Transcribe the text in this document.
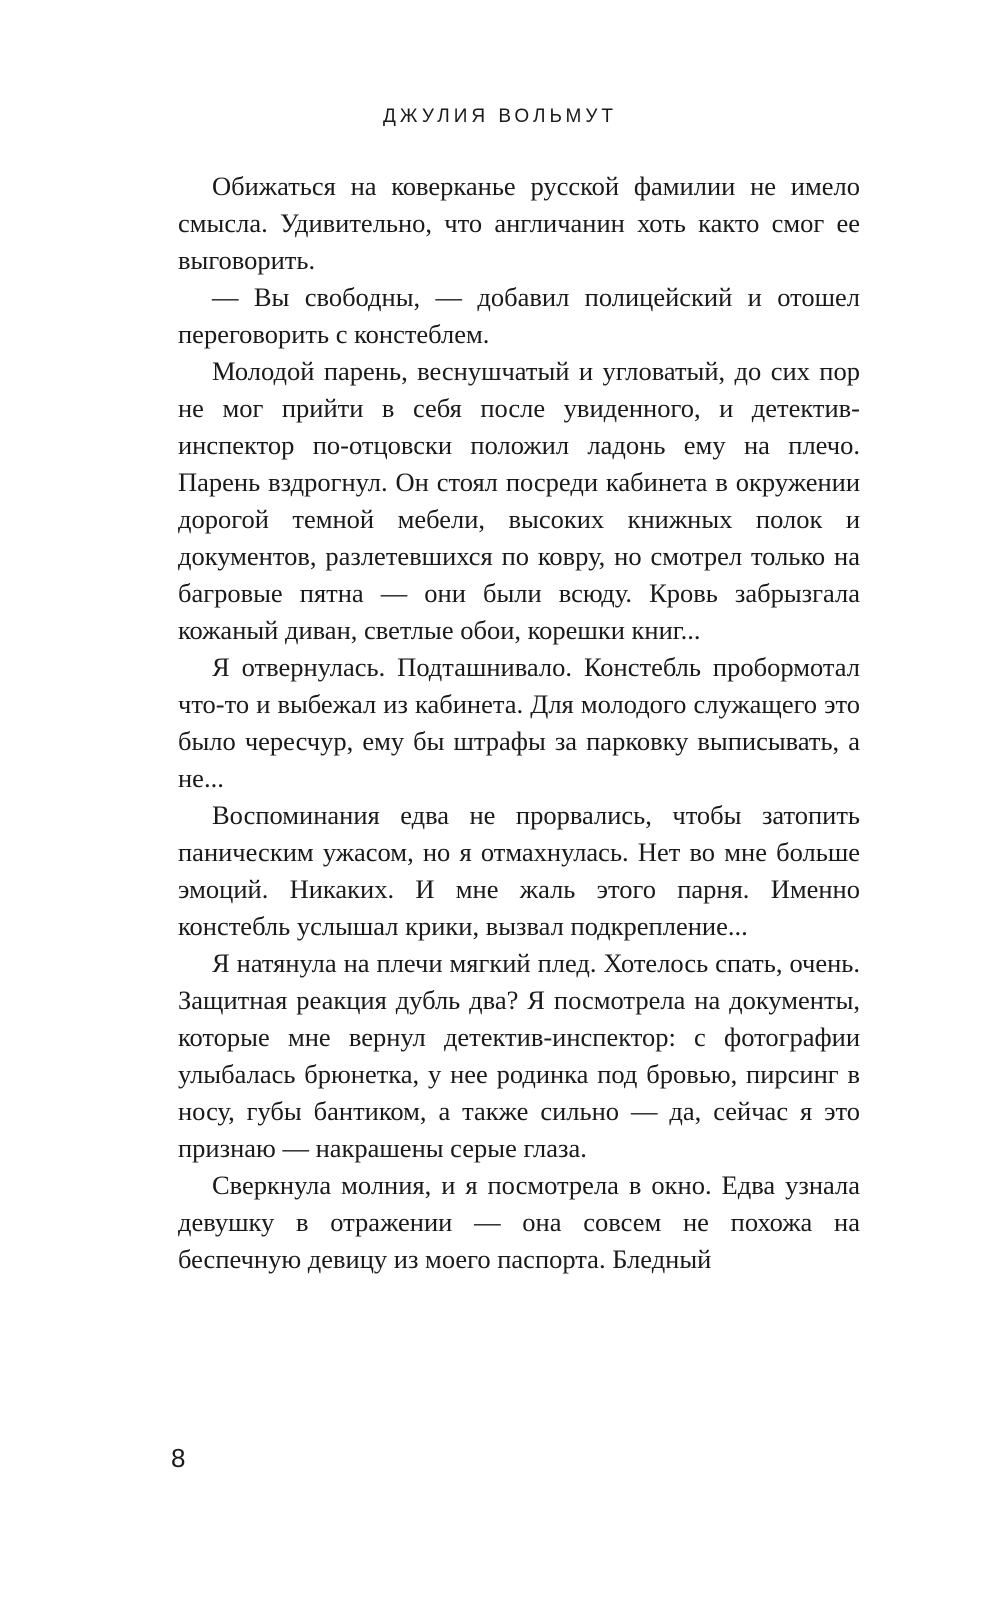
ДЖУЛИЯ ВОЛЬМУТ

Обижаться на коверканье русской фамилии не имело смысла. Удивительно, что англичанин хоть както смог ее выговорить.

— Вы свободны, — добавил полицейский и отошел переговорить с констеблем.

Молодой парень, веснушчатый и угловатый, до сих пор не мог прийти в себя после увиденного, и детектив-инспектор по-отцовски положил ладонь ему на плечо. Парень вздрогнул. Он стоял посреди кабинета в окружении дорогой темной мебели, высоких книжных полок и документов, разлетевшихся по ковру, но смотрел только на багровые пятна — они были всюду. Кровь забрызгала кожаный диван, светлые обои, корешки книг...

Я отвернулась. Подташнивало. Констебль пробормотал что-то и выбежал из кабинета. Для молодого служащего это было чересчур, ему бы штрафы за парковку выписывать, а не...

Воспоминания едва не прорвались, чтобы затопить паническим ужасом, но я отмахнулась. Нет во мне больше эмоций. Никаких. И мне жаль этого парня. Именно констебль услышал крики, вызвал подкрепление...

Я натянула на плечи мягкий плед. Хотелось спать, очень. Защитная реакция дубль два? Я посмотрела на документы, которые мне вернул детектив-инспектор: с фотографии улыбалась брюнетка, у нее родинка под бровью, пирсинг в носу, губы бантиком, а также сильно — да, сейчас я это признаю — накрашены серые глаза.

Сверкнула молния, и я посмотрела в окно. Едва узнала девушку в отражении — она совсем не похожа на беспечную девицу из моего паспорта. Бледный

8
